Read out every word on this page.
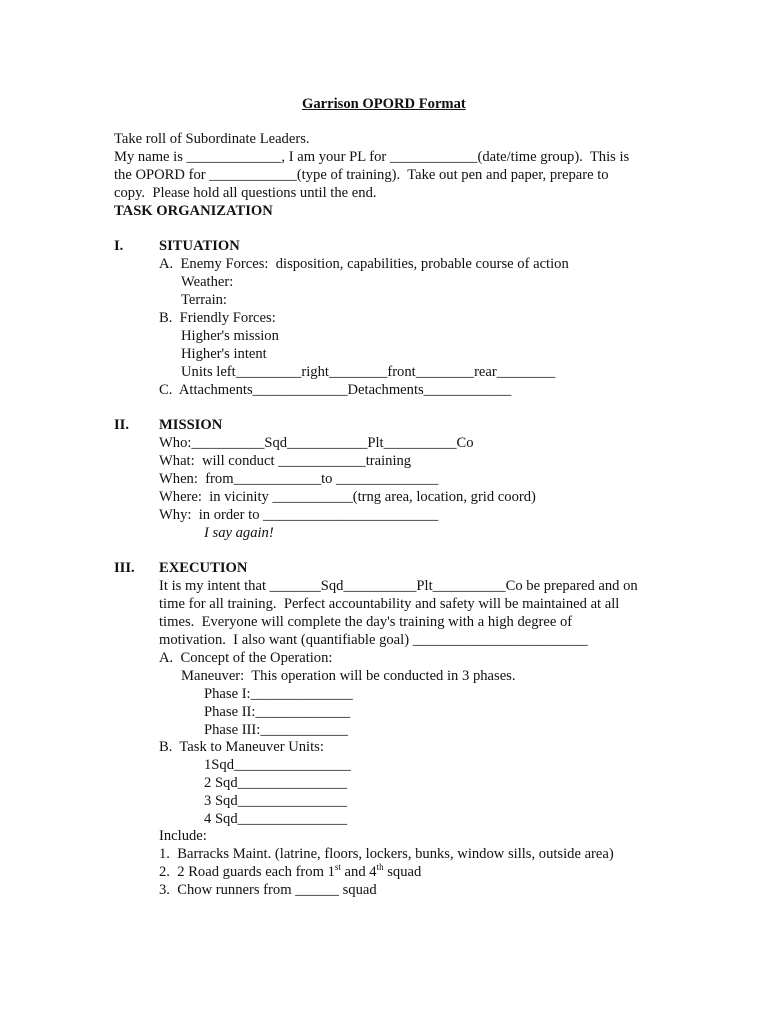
Garrison OPORD Format
Take roll of Subordinate Leaders.
My name is _____________, I am your PL for ____________(date/time group).  This is
the OPORD for ____________(type of training).  Take out pen and paper, prepare to
copy.  Please hold all questions until the end.
TASK ORGANIZATION
I. SITUATION
A.  Enemy Forces:  disposition, capabilities, probable course of action
Weather:
Terrain:
B.  Friendly Forces:
Higher's mission
Higher's intent
Units left_________right________front________rear________
C.  Attachments_____________Detachments____________
II. MISSION
Who:__________Sqd___________Plt__________Co
What:  will conduct ____________training
When:  from____________to ______________
Where:  in vicinity ___________(trng area, location, grid coord)
Why:  in order to ________________________
I say again!
III. EXECUTION
It is my intent that _______Sqd__________Plt__________Co be prepared and on
time for all training.  Perfect accountability and safety will be maintained at all
times.  Everyone will complete the day's training with a high degree of
motivation.  I also want (quantifiable goal) ________________________
A.  Concept of the Operation:
Maneuver:  This operation will be conducted in 3 phases.
Phase I:______________
Phase II:_____________
Phase III:____________
B.  Task to Maneuver Units:
1Sqd________________
2 Sqd_______________
3 Sqd_______________
4 Sqd_______________
Include:
1.  Barracks Maint. (latrine, floors, lockers, bunks, window sills, outside area)
2.  2 Road guards each from 1st and 4th squad
3.  Chow runners from ______ squad
